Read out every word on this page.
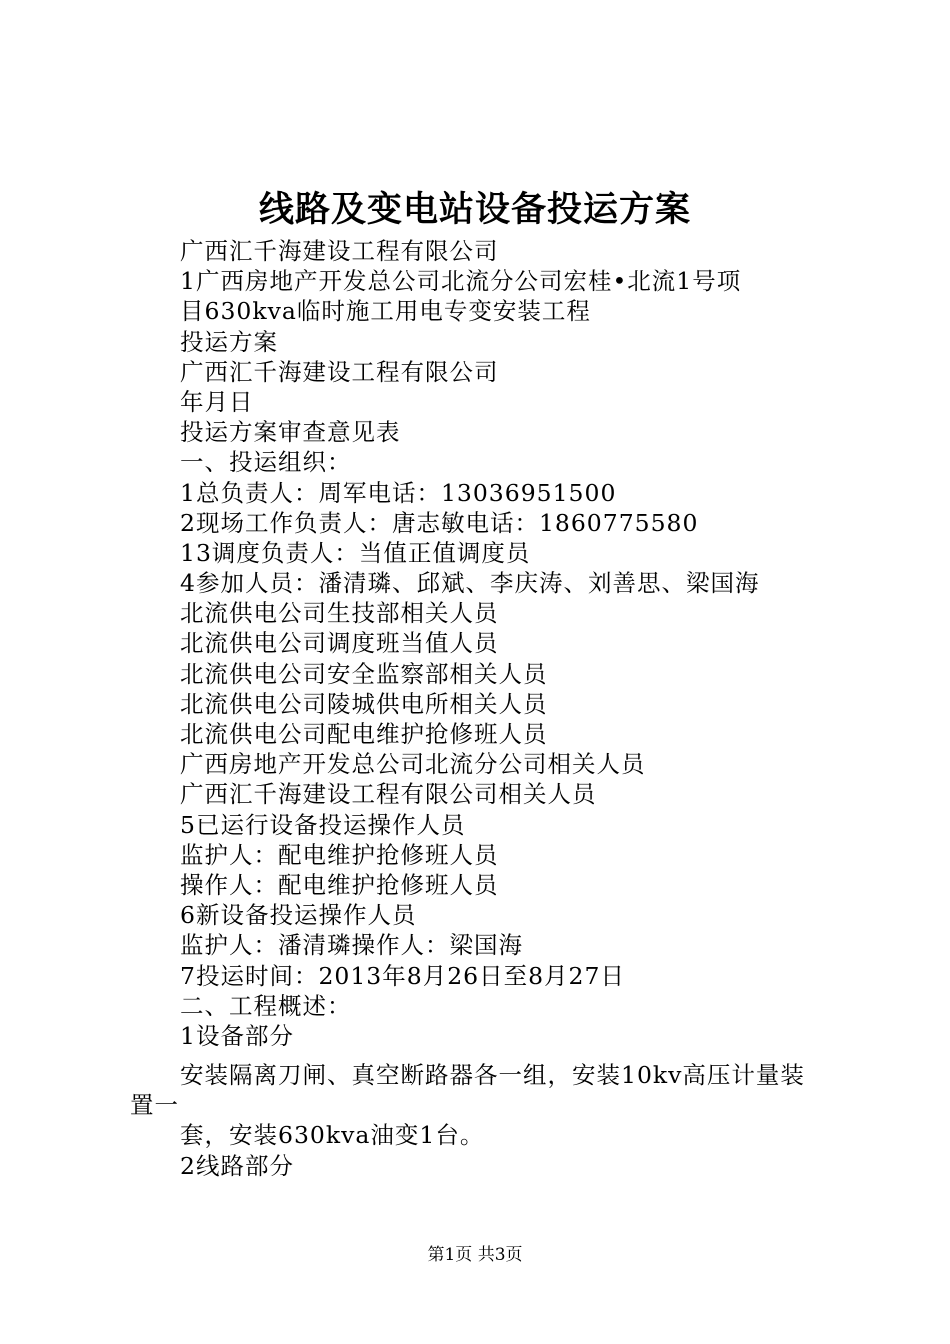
线路及变电站设备投运方案
广西汇千海建设工程有限公司
1广西房地产开发总公司北流分公司宏桂•北流1号项
目630kva临时施工用电专变安装工程
投运方案
广西汇千海建设工程有限公司
年月日
投运方案审查意见表
一、投运组织：
1总负责人：周军电话：13036951500
2现场工作负责人：唐志敏电话：1860775580
13调度负责人：当值正值调度员
4参加人员：潘清璘、邱斌、李庆涛、刘善思、梁国海
北流供电公司生技部相关人员
北流供电公司调度班当值人员
北流供电公司安全监察部相关人员
北流供电公司陵城供电所相关人员
北流供电公司配电维护抢修班人员
广西房地产开发总公司北流分公司相关人员
广西汇千海建设工程有限公司相关人员
5已运行设备投运操作人员
监护人：配电维护抢修班人员
操作人：配电维护抢修班人员
6新设备投运操作人员
监护人：潘清璘操作人：梁国海
7投运时间：2013年8月26日至8月27日
二、工程概述：
1设备部分
安装隔离刀闸、真空断路器各一组，安装10kv高压计量装
置一
套，安装630kva油变1台。
2线路部分
第1页 共3页
